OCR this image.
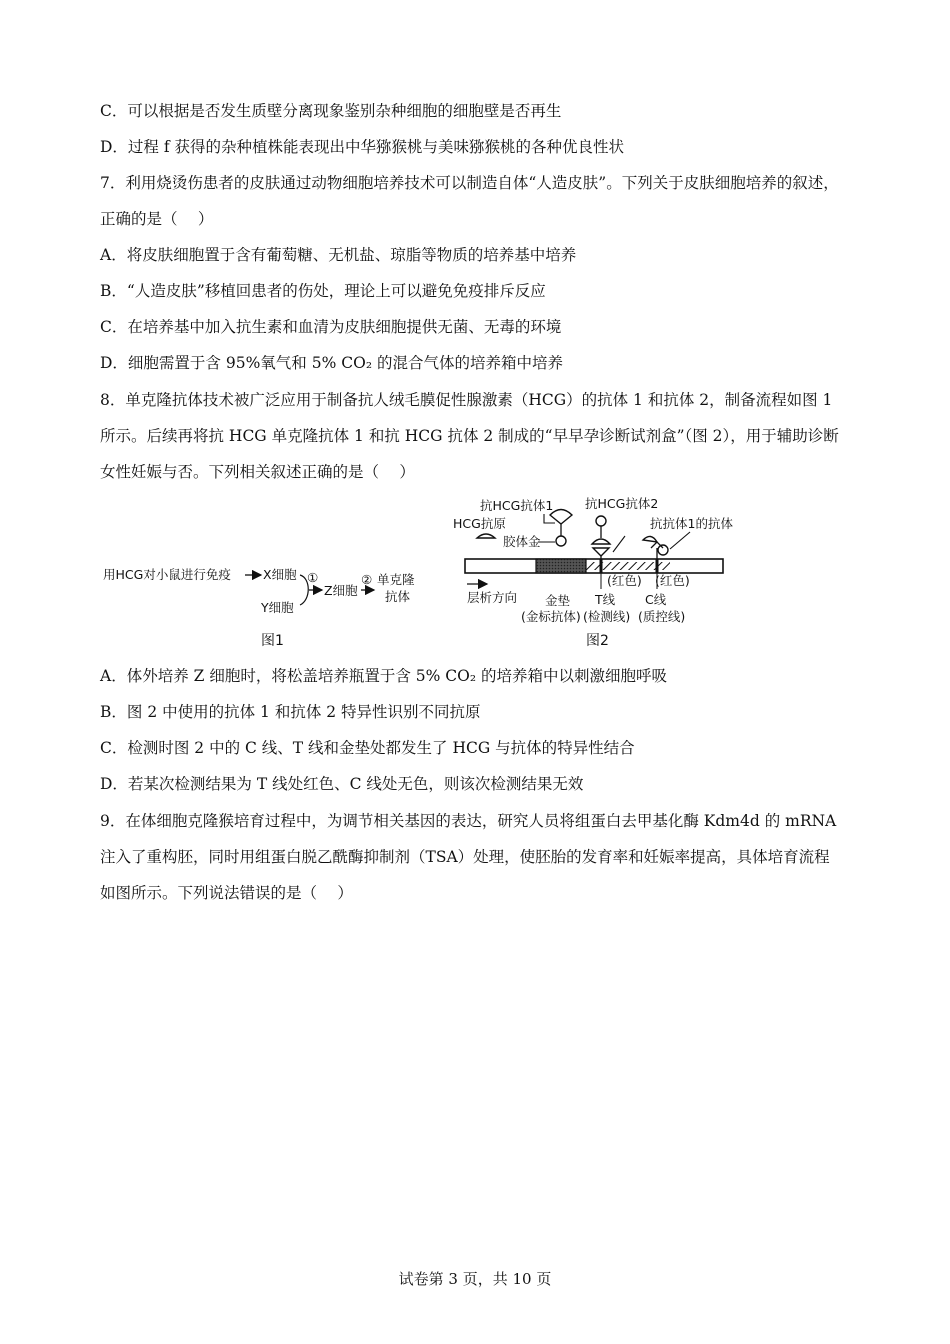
C．可以根据是否发生质壁分离现象鉴别杂种细胞的细胞壁是否再生
D．过程 f 获得的杂种植株能表现出中华猕猴桃与美味猕猴桃的各种优良性状
7．利用烧烫伤患者的皮肤通过动物细胞培养技术可以制造自体“人造皮肤”。下列关于皮肤细胞培养的叙述，
正确的是（　 ）
A．将皮肤细胞置于含有葡萄糖、无机盐、琼脂等物质的培养基中培养
B．“人造皮肤”移植回患者的伤处，理论上可以避免免疫排斥反应
C．在培养基中加入抗生素和血清为皮肤细胞提供无菌、无毒的环境
D．细胞需置于含 95%氧气和 5% CO₂ 的混合气体的培养箱中培养
8．单克隆抗体技术被广泛应用于制备抗人绒毛膜促性腺激素（HCG）的抗体 1 和抗体 2，制备流程如图 1
所示。后续再将抗 HCG 单克隆抗体 1 和抗 HCG 抗体 2 制成的“早早孕诊断试剂盒”（图 2），用于辅助诊断
女性妊娠与否。下列相关叙述正确的是（　 ）
用HCG对小鼠进行免疫	X细胞
Y细胞
①
Z细胞
② 单克隆
抗体
图1
抗HCG抗体1	抗HCG抗体2
HCG抗原
胶体金
抗抗体1的抗体
(红色) (红色)
层析方向 金垫
(金标抗体)
T线
(检测线)
C线
(质控线)
图2
A．体外培养 Z 细胞时，将松盖培养瓶置于含 5% CO₂ 的培养箱中以刺激细胞呼吸
B．图 2 中使用的抗体 1 和抗体 2 特异性识别不同抗原
C．检测时图 2 中的 C 线、T 线和金垫处都发生了 HCG 与抗体的特异性结合
D．若某次检测结果为 T 线处红色、C 线处无色，则该次检测结果无效
9．在体细胞克隆猴培育过程中，为调节相关基因的表达，研究人员将组蛋白去甲基化酶 Kdm4d 的 mRNA
注入了重构胚，同时用组蛋白脱乙酰酶抑制剂（TSA）处理，使胚胎的发育率和妊娠率提高，具体培育流程
如图所示。下列说法错误的是（　 ）
试卷第 3 页，共 10 页
